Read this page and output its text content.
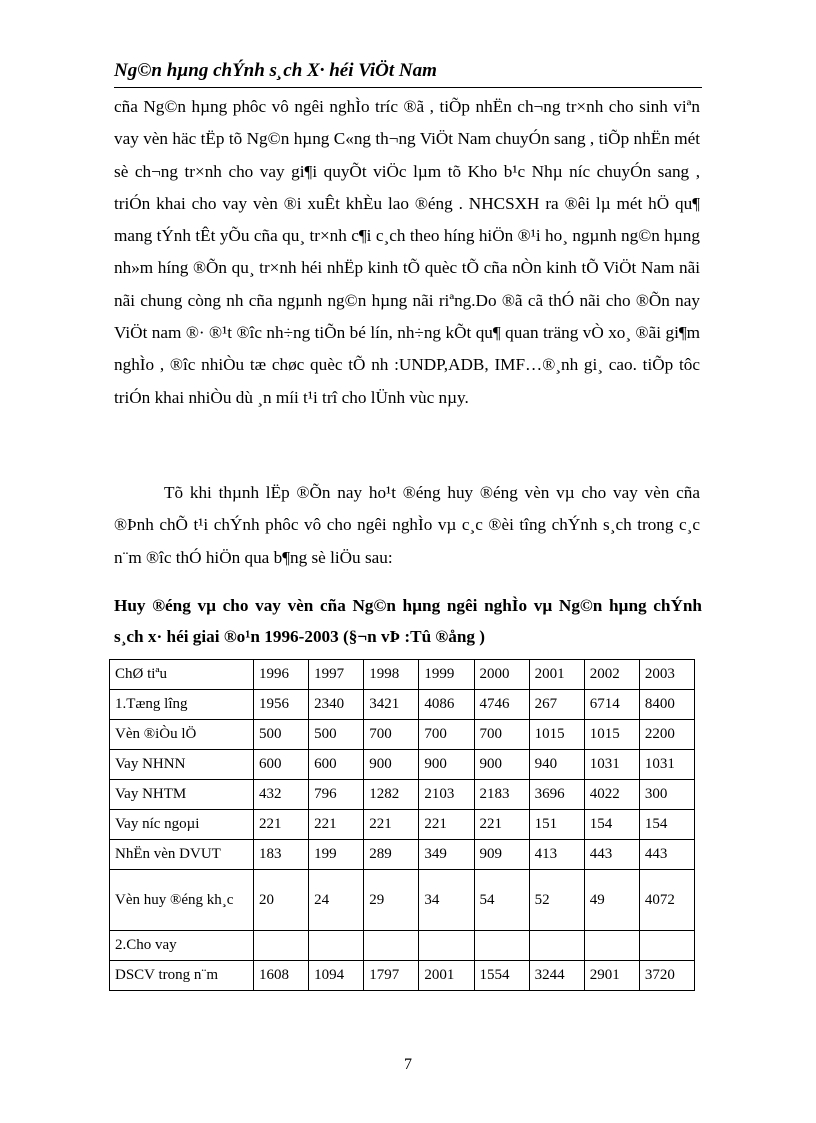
Ng©n hµng chÝnh s¸ch X· héi ViÖt Nam

cña Ng©n hµng phôc vô ngêi nghÌo tríc ®ã , tiÕp nhËn ch¬ng tr×nh cho sinh viªn vay vèn häc tËp tõ Ng©n hµng C«ng th¬ng ViÖt Nam chuyÓn sang , tiÕp nhËn mét sè ch¬ng tr×nh cho vay gi¶i quyÕt viÖc lµm tõ Kho b¹c Nhµ níc chuyÓn sang , triÓn khai cho vay vèn ®i xuÊt khÈu lao ®éng . NHCSXH ra ®êi lµ mét hÖ qu¶ mang tÝnh tÊt yÕu cña qu¸ tr×nh c¶i c¸ch theo híng hiÖn ®¹i ho¸ ngµnh ng©n hµng nh»m híng ®Õn qu¸ tr×nh héi nhËp kinh tÕ quèc tÕ cña nÒn kinh tÕ ViÖt Nam nãi nãi chung còng nh cña ngµnh ng©n hµng nãi riªng.Do ®ã cã thÓ nãi cho ®Õn nay ViÖt nam ®· ®¹t ®îc nh÷ng tiÕn bé lín, nh÷ng kÕt qu¶ quan träng vÒ xo¸ ®ãi gi¶m nghÌo , ®îc nhiÒu tæ chøc quèc tÕ nh :UNDP,ADB, IMF…®¸nh gi¸ cao. tiÕp tôc triÓn khai nhiÒu dù ¸n míi t¹i trî cho lÜnh vùc nµy.

Tõ khi thµnh lËp ®Õn nay ho¹t ®éng huy ®éng vèn vµ cho vay vèn cña ®Þnh chÕ t¹i chÝnh phôc vô cho ngêi nghÌo vµ c¸c ®èi tîng chÝnh s¸ch trong c¸c n¨m ®îc thÓ hiÖn qua b¶ng sè liÖu sau:

Huy ®éng vµ cho vay vèn cña Ng©n hµng ngêi nghÌo vµ Ng©n hµng chÝnh s¸ch x· héi giai ®o¹n 1996-2003 (§¬n vÞ :Tû ®ång )

ChØ tiªu	1996	1997	1998	1999	2000	2001	2002	2003
1.Tæng lîng	1956	2340	3421	4086	4746	267	6714	8400
Vèn ®iÒu lÖ	500	500	700	700	700	1015	1015	2200
Vay NHNN	600	600	900	900	900	940	1031	1031
Vay NHTM	432	796	1282	2103	2183	3696	4022	300
Vay níc ngoµi	221	221	221	221	221	151	154	154
NhËn vèn DVUT	183	199	289	349	909	413	443	443
Vèn huy ®éng kh¸c	20	24	29	34	54	52	49	4072
2.Cho vay								
DSCV trong n¨m	1608	1094	1797	2001	1554	3244	2901	3720
7
